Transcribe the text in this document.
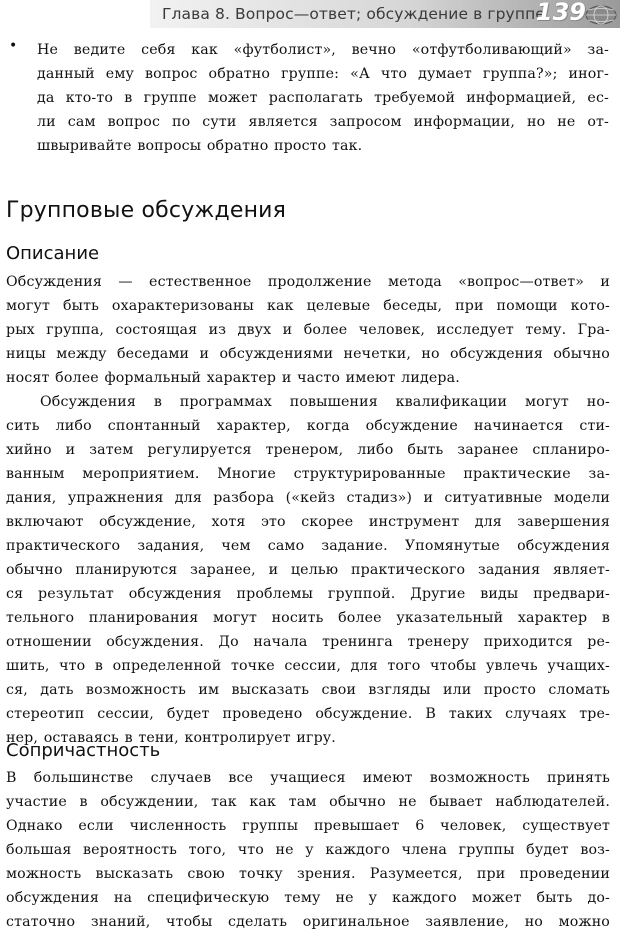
Глава 8. Вопрос—ответ; обсуждение в группе
139
• Не ведите себя как «футболист», вечно «отфутболивающий» за-
данный ему вопрос обратно группе: «А что думает группа?»; иног-
да кто-то в группе может располагать требуемой информацией, ес-
ли сам вопрос по сути является запросом информации, но не от-
швыривайте вопросы обратно просто так.
Групповые обсуждения
Описание
Обсуждения — естественное продолжение метода «вопрос—ответ» и
могут быть охарактеризованы как целевые беседы, при помощи кото-
рых группа, состоящая из двух и более человек, исследует тему. Гра-
ницы между беседами и обсуждениями нечетки, но обсуждения обычно
носят более формальный характер и часто имеют лидера.
Обсуждения в программах повышения квалификации могут но-
сить либо спонтанный характер, когда обсуждение начинается сти-
хийно и затем регулируется тренером, либо быть заранее спланиро-
ванным мероприятием. Многие структурированные практические за-
дания, упражнения для разбора («кейз стадиз») и ситуативные модели
включают обсуждение, хотя это скорее инструмент для завершения
практического задания, чем само задание. Упомянутые обсуждения
обычно планируются заранее, и целью практического задания являет-
ся результат обсуждения проблемы группой. Другие виды предвари-
тельного планирования могут носить более указательный характер в
отношении обсуждения. До начала тренинга тренеру приходится ре-
шить, что в определенной точке сессии, для того чтобы увлечь учащих-
ся, дать возможность им высказать свои взгляды или просто сломать
стереотип сессии, будет проведено обсуждение. В таких случаях тре-
нер, оставаясь в тени, контролирует игру.
Сопричастность
В большинстве случаев все учащиеся имеют возможность принять
участие в обсуждении, так как там обычно не бывает наблюдателей.
Однако если численность группы превышает 6 человек, существует
большая вероятность того, что не у каждого члена группы будет воз-
можность высказать свою точку зрения. Разумеется, при проведении
обсуждения на специфическую тему не у каждого может быть до-
статочно знаний, чтобы сделать оригинальное заявление, но можно
